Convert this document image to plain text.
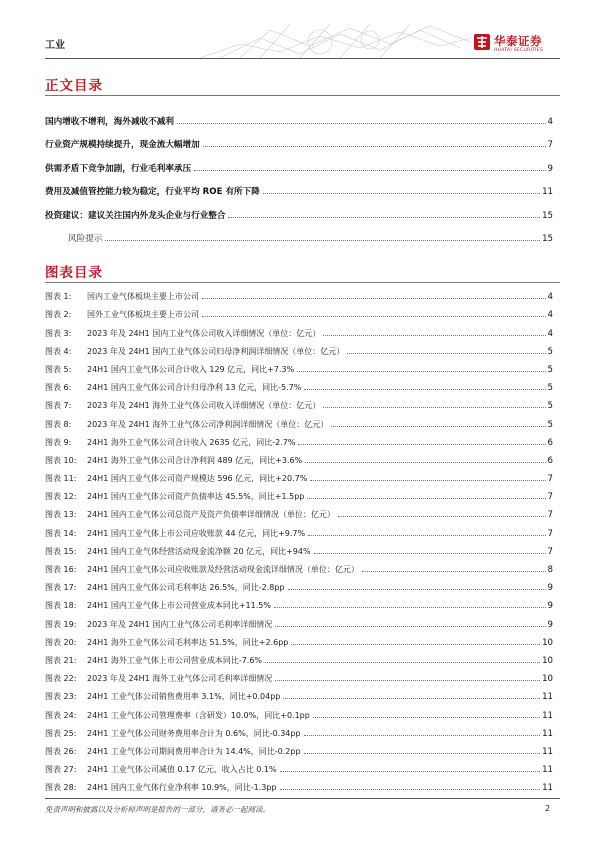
工业	华泰证券
HUATAI SECURITIES
正文目录
国内增收不增利，海外减收不减利	4
行业资产规模持续提升，现金流大幅增加	7
供需矛盾下竞争加剧，行业毛利率承压	9
费用及减值管控能力较为稳定，行业平均 ROE 有所下降	11
投资建议：建议关注国内外龙头企业与行业整合	15
风险提示	15
图表目录
图表 1:	国内工业气体板块主要上市公司	4
图表 2:	国外工业气体板块主要上市公司	4
图表 3:	2023 年及 24H1 国内工业气体公司收入详细情况（单位：亿元）	4
图表 4:	2023 年及 24H1 国内工业气体公司归母净利润详细情况（单位：亿元）	5
图表 5:	24H1 国内工业气体公司合计收入 129 亿元，同比+7.3%	5
图表 6:	24H1 国内工业气体公司合计归母净利 13 亿元，同比-5.7%	5
图表 7:	2023 年及 24H1 海外工业气体公司收入详细情况（单位：亿元）	5
图表 8:	2023 年及 24H1 海外工业气体公司净利润详细情况（单位：亿元）	5
图表 9:	24H1 海外工业气体公司合计收入 2635 亿元，同比-2.7%	6
图表 10:	24H1 海外工业气体公司合计净利润 489 亿元，同比+3.6%	6
图表 11:	24H1 国内工业气体公司资产规模达 596 亿元，同比+20.7%	7
图表 12:	24H1 国内工业气体公司资产负债率达 45.5%，同比+1.5pp	7
图表 13:	24H1 国内工业气体公司总资产及资产负债率详细情况（单位：亿元）	7
图表 14:	24H1 国内工业气体上市公司应收账款 44 亿元，同比+9.7%	7
图表 15:	24H1 国内工业气体经营活动现金流净额 20 亿元，同比+94%	7
图表 16:	24H1 国内工业气体公司应收账款及经营活动现金流详细情况（单位：亿元）	8
图表 17:	24H1 国内工业气体公司毛利率达 26.5%，同比-2.8pp	9
图表 18:	24H1 国内工业气体上市公司营业成本同比+11.5%	9
图表 19:	2023 年及 24H1 国内工业气体公司毛利率详细情况	9
图表 20:	24H1 海外工业气体公司毛利率达 51.5%，同比+2.6pp	10
图表 21:	24H1 海外工业气体上市公司营业成本同比-7.6%	10
图表 22:	2023 年及 24H1 海外工业气体公司毛利率详细情况	10
图表 23:	24H1 工业气体公司销售费用率 3.1%，同比+0.04pp	11
图表 24:	24H1 工业气体公司管理费率（含研发）10.0%，同比+0.1pp	11
图表 25:	24H1 工业气体公司财务费用率合计为 0.6%，同比-0.34pp	11
图表 26:	24H1 工业气体公司期间费用率合计为 14.4%，同比-0.2pp	11
图表 27:	24H1 工业气体公司减值 0.17 亿元，收入占比 0.1%	11
图表 28:	24H1 国内工业气体行业净利率 10.9%，同比-1.3pp	11
免责声明和披露以及分析师声明是报告的一部分，请务必一起阅读。	2
